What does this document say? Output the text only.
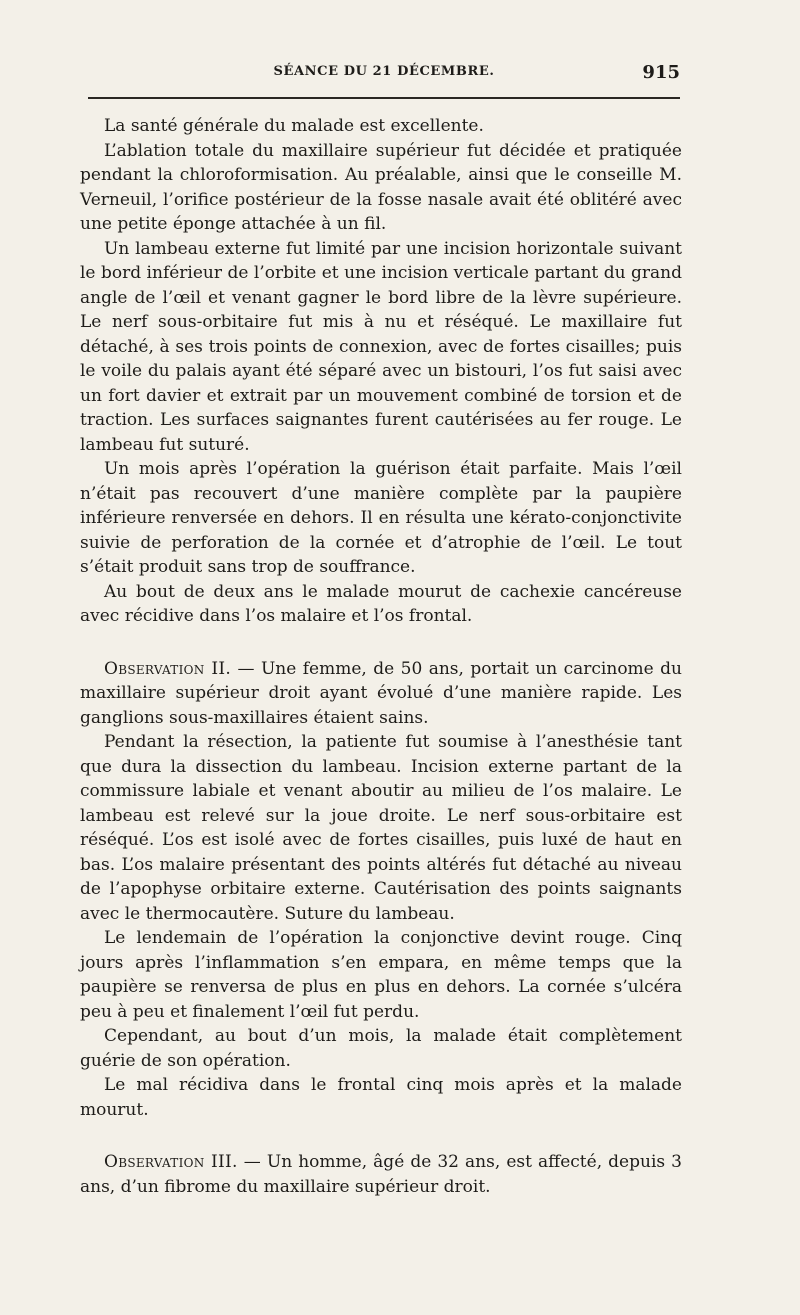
SÉANCE DU 21 DÉCEMBRE.	915

La santé générale du malade est excellente.

L’ablation totale du maxillaire supérieur fut décidée et pratiquée pendant la chloroformisation. Au préalable, ainsi que le conseille M. Verneuil, l’orifice postérieur de la fosse nasale avait été oblitéré avec une petite éponge attachée à un fil.

Un lambeau externe fut limité par une incision horizontale suivant le bord inférieur de l’orbite et une incision verticale partant du grand angle de l’œil et venant gagner le bord libre de la lèvre supérieure. Le nerf sous-orbitaire fut mis à nu et réséqué. Le maxillaire fut détaché, à ses trois points de connexion, avec de fortes cisailles; puis le voile du palais ayant été séparé avec un bistouri, l’os fut saisi avec un fort davier et extrait par un mouvement combiné de torsion et de traction. Les surfaces saignantes furent cautérisées au fer rouge. Le lambeau fut suturé.

Un mois après l’opération la guérison était parfaite. Mais l’œil n’était pas recouvert d’une manière complète par la paupière inférieure renversée en dehors. Il en résulta une kérato-conjonctivite suivie de perforation de la cornée et d’atrophie de l’œil. Le tout s’était produit sans trop de souffrance.

Au bout de deux ans le malade mourut de cachexie cancéreuse avec récidive dans l’os malaire et l’os frontal.

Observation II. — Une femme, de 50 ans, portait un carcinome du maxillaire supérieur droit ayant évolué d’une manière rapide. Les ganglions sous-maxillaires étaient sains.

Pendant la résection, la patiente fut soumise à l’anesthésie tant que dura la dissection du lambeau. Incision externe partant de la commissure labiale et venant aboutir au milieu de l’os malaire. Le lambeau est relevé sur la joue droite. Le nerf sous-orbitaire est réséqué. L’os est isolé avec de fortes cisailles, puis luxé de haut en bas. L’os malaire présentant des points altérés fut détaché au niveau de l’apophyse orbitaire externe. Cautérisation des points saignants avec le thermocautère. Suture du lambeau.

Le lendemain de l’opération la conjonctive devint rouge. Cinq jours après l’inflammation s’en empara, en même temps que la paupière se renversa de plus en plus en dehors. La cornée s’ulcéra peu à peu et finalement l’œil fut perdu.

Cependant, au bout d’un mois, la malade était complètement guérie de son opération.

Le mal récidiva dans le frontal cinq mois après et la malade mourut.

Observation III. — Un homme, âgé de 32 ans, est affecté, depuis 3 ans, d’un fibrome du maxillaire supérieur droit.
